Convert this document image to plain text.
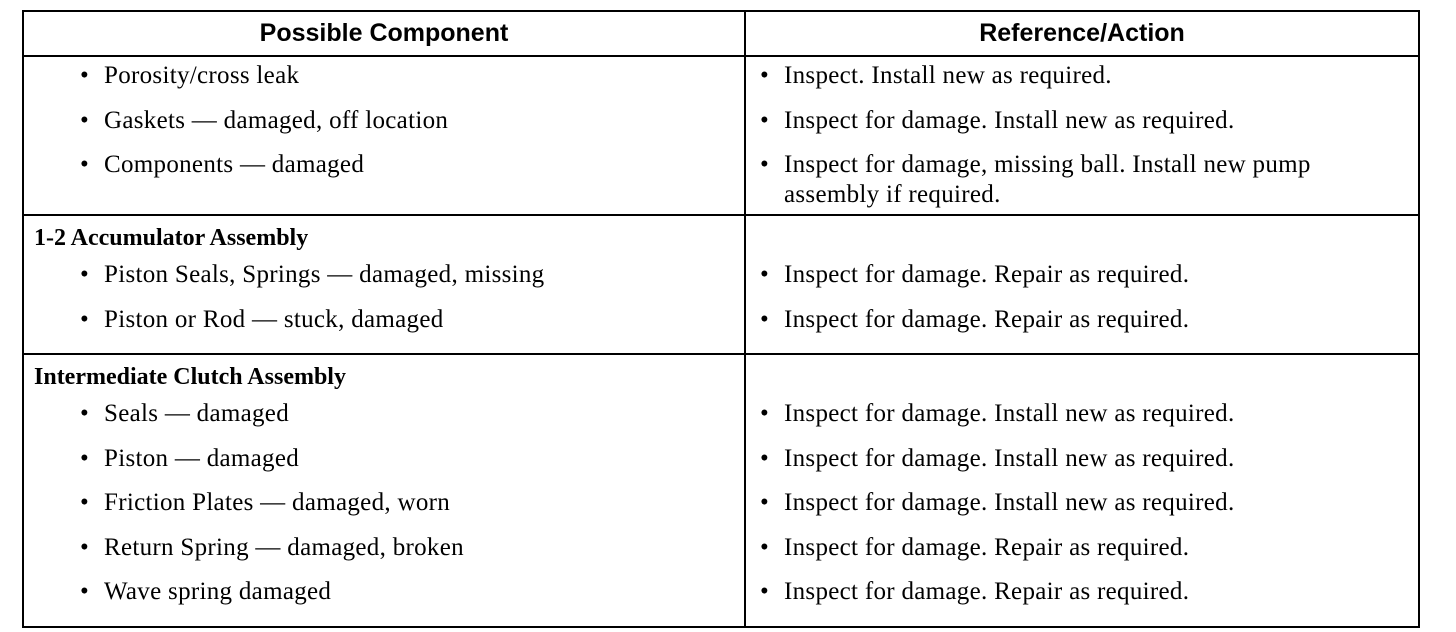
Possible Component	Reference/Action
• Porosity/cross leak
• Gaskets — damaged, off location
• Components — damaged
• Inspect. Install new as required.
• Inspect for damage. Install new as required.
• Inspect for damage, missing ball. Install new pump assembly if required.
1-2 Accumulator Assembly
• Piston Seals, Springs — damaged, missing
• Piston or Rod — stuck, damaged
• Inspect for damage. Repair as required.
• Inspect for damage. Repair as required.
Intermediate Clutch Assembly
• Seals — damaged
• Piston — damaged
• Friction Plates — damaged, worn
• Return Spring — damaged, broken
• Wave spring damaged
• Inspect for damage. Install new as required.
• Inspect for damage. Install new as required.
• Inspect for damage. Install new as required.
• Inspect for damage. Repair as required.
• Inspect for damage. Repair as required.
